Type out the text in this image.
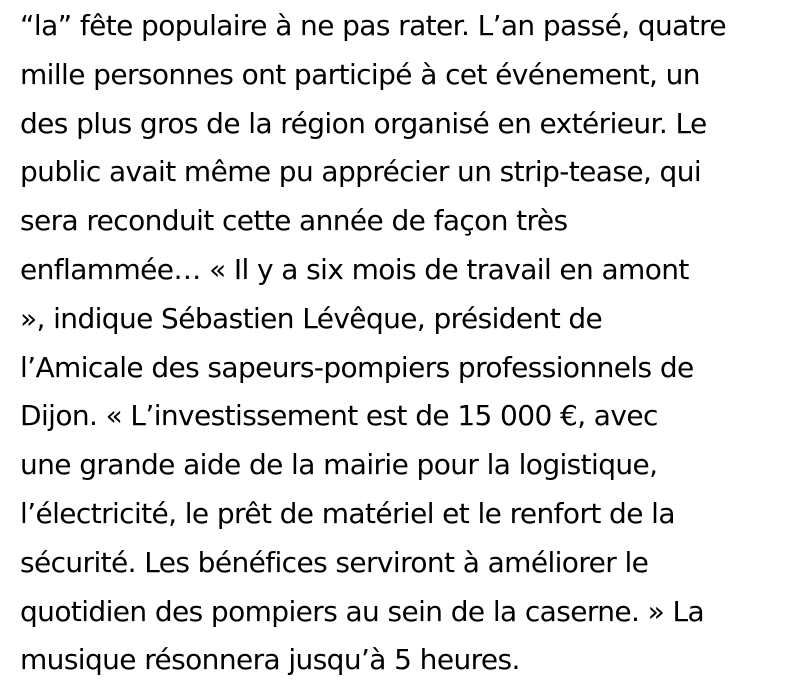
“la” fête populaire à ne pas rater. L’an passé, quatre
mille personnes ont participé à cet événement, un
des plus gros de la région organisé en extérieur. Le
public avait même pu apprécier un strip-tease, qui
sera reconduit cette année de façon très
enflammée… « Il y a six mois de travail en amont
», indique Sébastien Lévêque, président de
l’Amicale des sapeurs-pompiers professionnels de
Dijon. « L’investissement est de 15 000 €, avec
une grande aide de la mairie pour la logistique,
l’électricité, le prêt de matériel et le renfort de la
sécurité. Les bénéfices serviront à améliorer le
quotidien des pompiers au sein de la caserne. » La
musique résonnera jusqu’à 5 heures.
